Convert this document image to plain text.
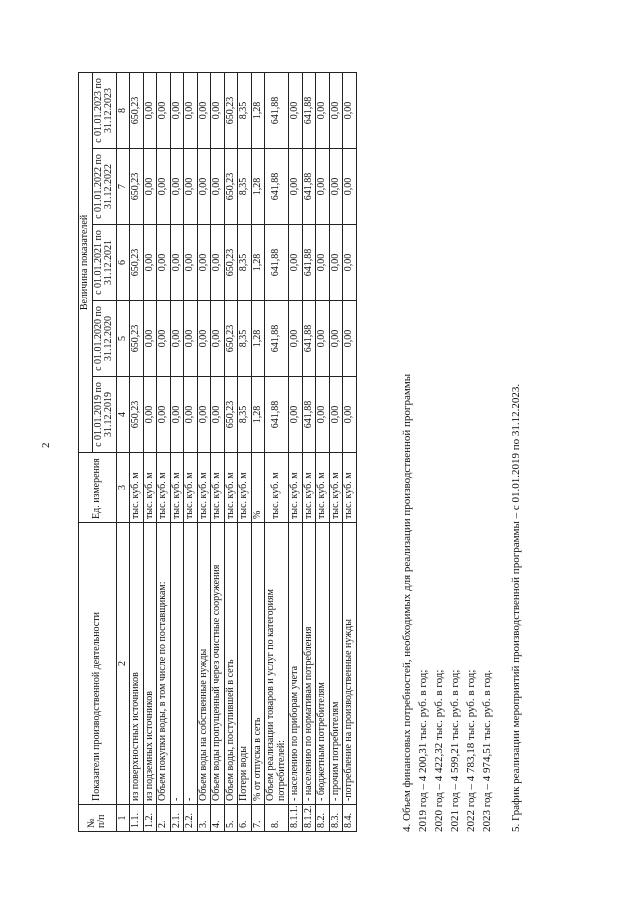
2
№ п/п	Показатели производственной деятельности	Ед. измерения	Величина показателей				
			с 01.01.2019 по 31.12.2019	с 01.01.2020 по 31.12.2020	с 01.01.2021 по 31.12.2021	с 01.01.2022 по 31.12.2022	с 01.01.2023 по 31.12.2023
1	2	3	4	5	6	7	8
1.1.	из поверхностных источников	тыс. куб. м	650,23	650,23	650,23	650,23	650,23
1.2.	из подземных источников	тыс. куб. м	0,00	0,00	0,00	0,00	0,00
2.	Объем покупки воды, в том числе по поставщикам:	тыс. куб. м	0,00	0,00	0,00	0,00	0,00
2.1.	-	тыс. куб. м	0,00	0,00	0,00	0,00	0,00
2.2.	-	тыс. куб. м	0,00	0,00	0,00	0,00	0,00
3.	Объем воды на собственные нужды	тыс. куб. м	0,00	0,00	0,00	0,00	0,00
4.	Объем воды пропущенный через очистные сооружения	тыс. куб. м	0,00	0,00	0,00	0,00	0,00
5.	Объем воды, поступившей в сеть	тыс. куб. м	650,23	650,23	650,23	650,23	650,23
6.	Потери воды	тыс. куб. м	8,35	8,35	8,35	8,35	8,35
7.	% от отпуска в сеть	%	1,28	1,28	1,28	1,28	1,28
8.	Объем реализации товаров и услуг по категориям потребителей:	тыс. куб. м	641,88	641,88	641,88	641,88	641,88
8.1.1.	- населению по приборам учета	тыс. куб. м	0,00	0,00	0,00	0,00	0,00
8.1.2.	- населению по нормативам потребления	тыс. куб. м	641,88	641,88	641,88	641,88	641,88
8.2.	- бюджетным потребителям	тыс. куб. м	0,00	0,00	0,00	0,00	0,00
8.3.	- прочим потребителям	тыс. куб. м	0,00	0,00	0,00	0,00	0,00
8.4.	-потребление на производственные нужды	тыс. куб. м	0,00	0,00	0,00	0,00	0,00

4. Объем финансовых потребностей, необходимых для реализации производственной программы 2019 год – 4 200,31 тыс. руб. в год; 2020 год – 4 422,32 тыс. руб. в год; 2021 год – 4 599,21 тыс. руб. в год; 2022 год – 4 783,18 тыс. руб. в год; 2023 год – 4 974,51 тыс. руб. в год. 5. График реализации мероприятий производственной программы – с 01.01.2019 по 31.12.2023.
